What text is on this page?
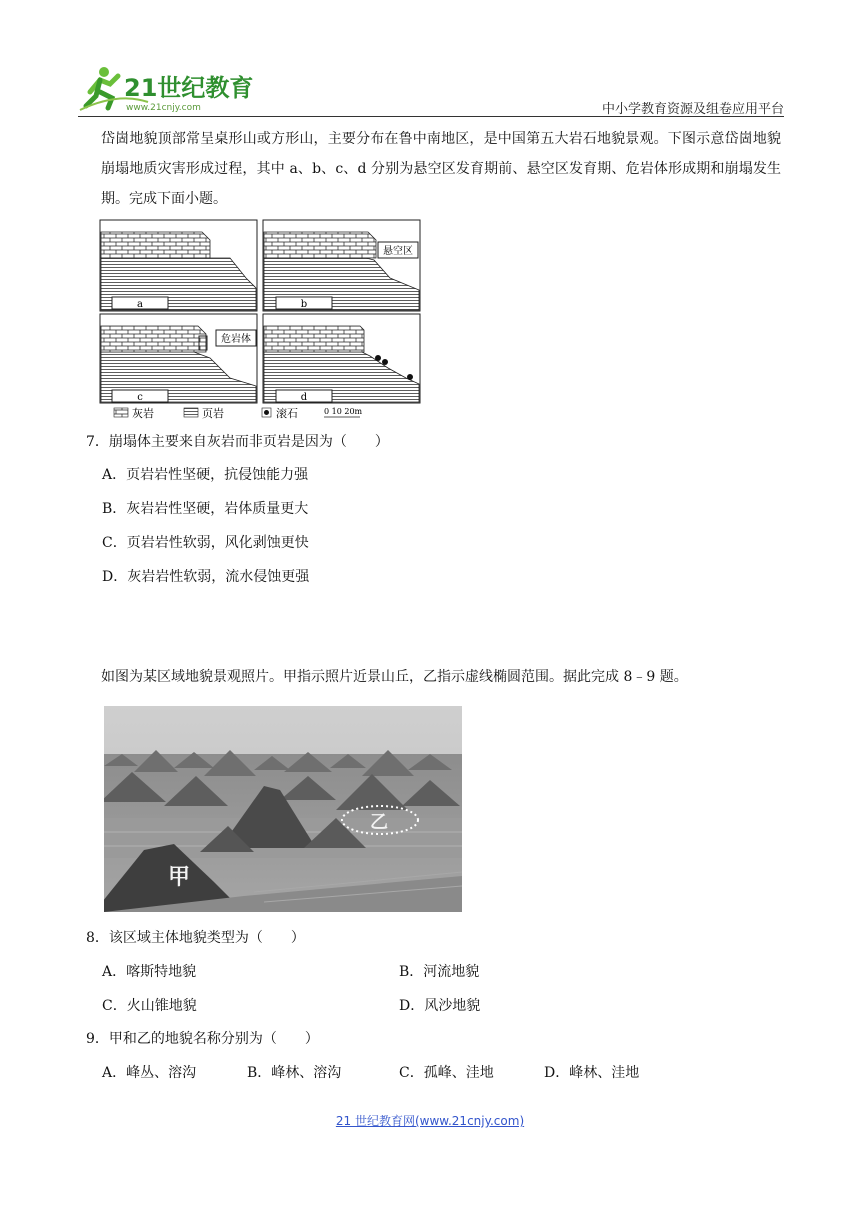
21世纪教育
www.21cnjy.com	中小学教育资源及组卷应用平台
岱崮地貌顶部常呈桌形山或方形山，主要分布在鲁中南地区，是中国第五大岩石地貌景观。下图示意岱崮地貌崩塌地质灾害形成过程，其中 a、b、c、d 分别为悬空区发育期前、悬空区发育期、危岩体形成期和崩塌发生期。完成下面小题。
a
悬空区
b
危岩体
c	d
灰岩	页岩	滚石	0 10 20m
7．崩塌体主要来自灰岩而非页岩是因为（　　）
A．页岩岩性坚硬，抗侵蚀能力强
B．灰岩岩性坚硬，岩体质量更大
C．页岩岩性软弱，风化剥蚀更快
D．灰岩岩性软弱，流水侵蚀更强
如图为某区域地貌景观照片。甲指示照片近景山丘，乙指示虚线椭圆范围。据此完成 8﹣9 题。
甲
乙
8．该区域主体地貌类型为（　　）
A．喀斯特地貌	B．河流地貌
C．火山锥地貌	D．风沙地貌
9．甲和乙的地貌名称分别为（　　）
A．峰丛、溶沟	B．峰林、溶沟	C．孤峰、洼地	D．峰林、洼地
21 世纪教育网(www.21cnjy.com)
